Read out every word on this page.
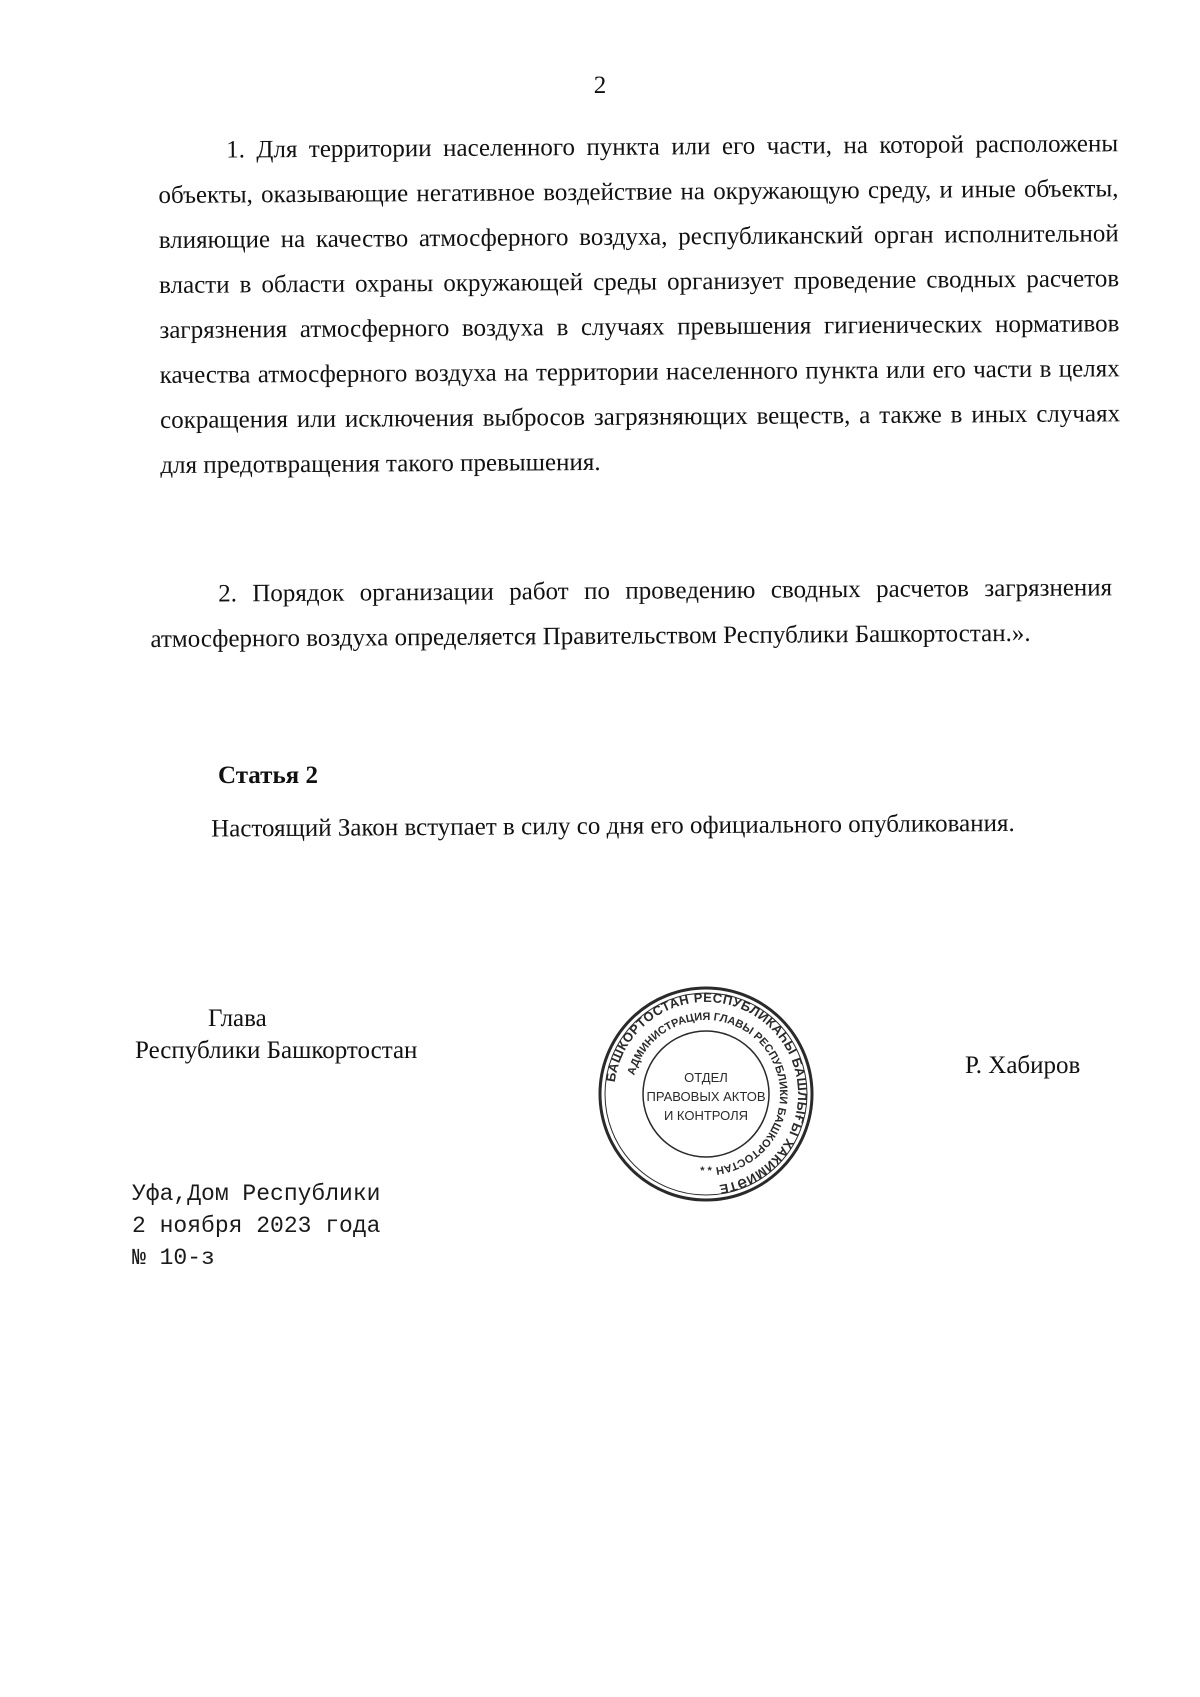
2
1. Для территории населенного пункта или его части, на которой расположены объекты, оказывающие негативное воздействие на окружающую среду, и иные объекты, влияющие на качество атмосферного воздуха, республиканский орган исполнительной власти в области охраны окружающей среды организует проведение сводных расчетов загрязнения атмосферного воздуха в случаях превышения гигиенических нормативов качества атмосферного воздуха на территории населенного пункта или его части в целях сокращения или исключения выбросов загрязняющих веществ, а также в иных случаях для предотвращения такого превышения.
2. Порядок организации работ по проведению сводных расчетов загрязнения атмосферного воздуха определяется Правительством Республики Башкортостан.».
Статья 2
Настоящий Закон вступает в силу со дня его официального опубликования.
Глава
Республики Башкортостан
БАШКОРТОСТАН РЕСПУБЛИКАҺЫ БАШЛЫҒЫ ХАКИМИӘТЕ
АДМИНИСТРАЦИЯ ГЛАВЫ РЕСПУБЛИКИ БАШКОРТОСТАН
ОТДЕЛ
ПРАВОВЫХ АКТОВ
И КОНТРОЛЯ
* *
Р. Хабиров
Уфа,Дом Республики
2 ноября 2023 года
№ 10-з
